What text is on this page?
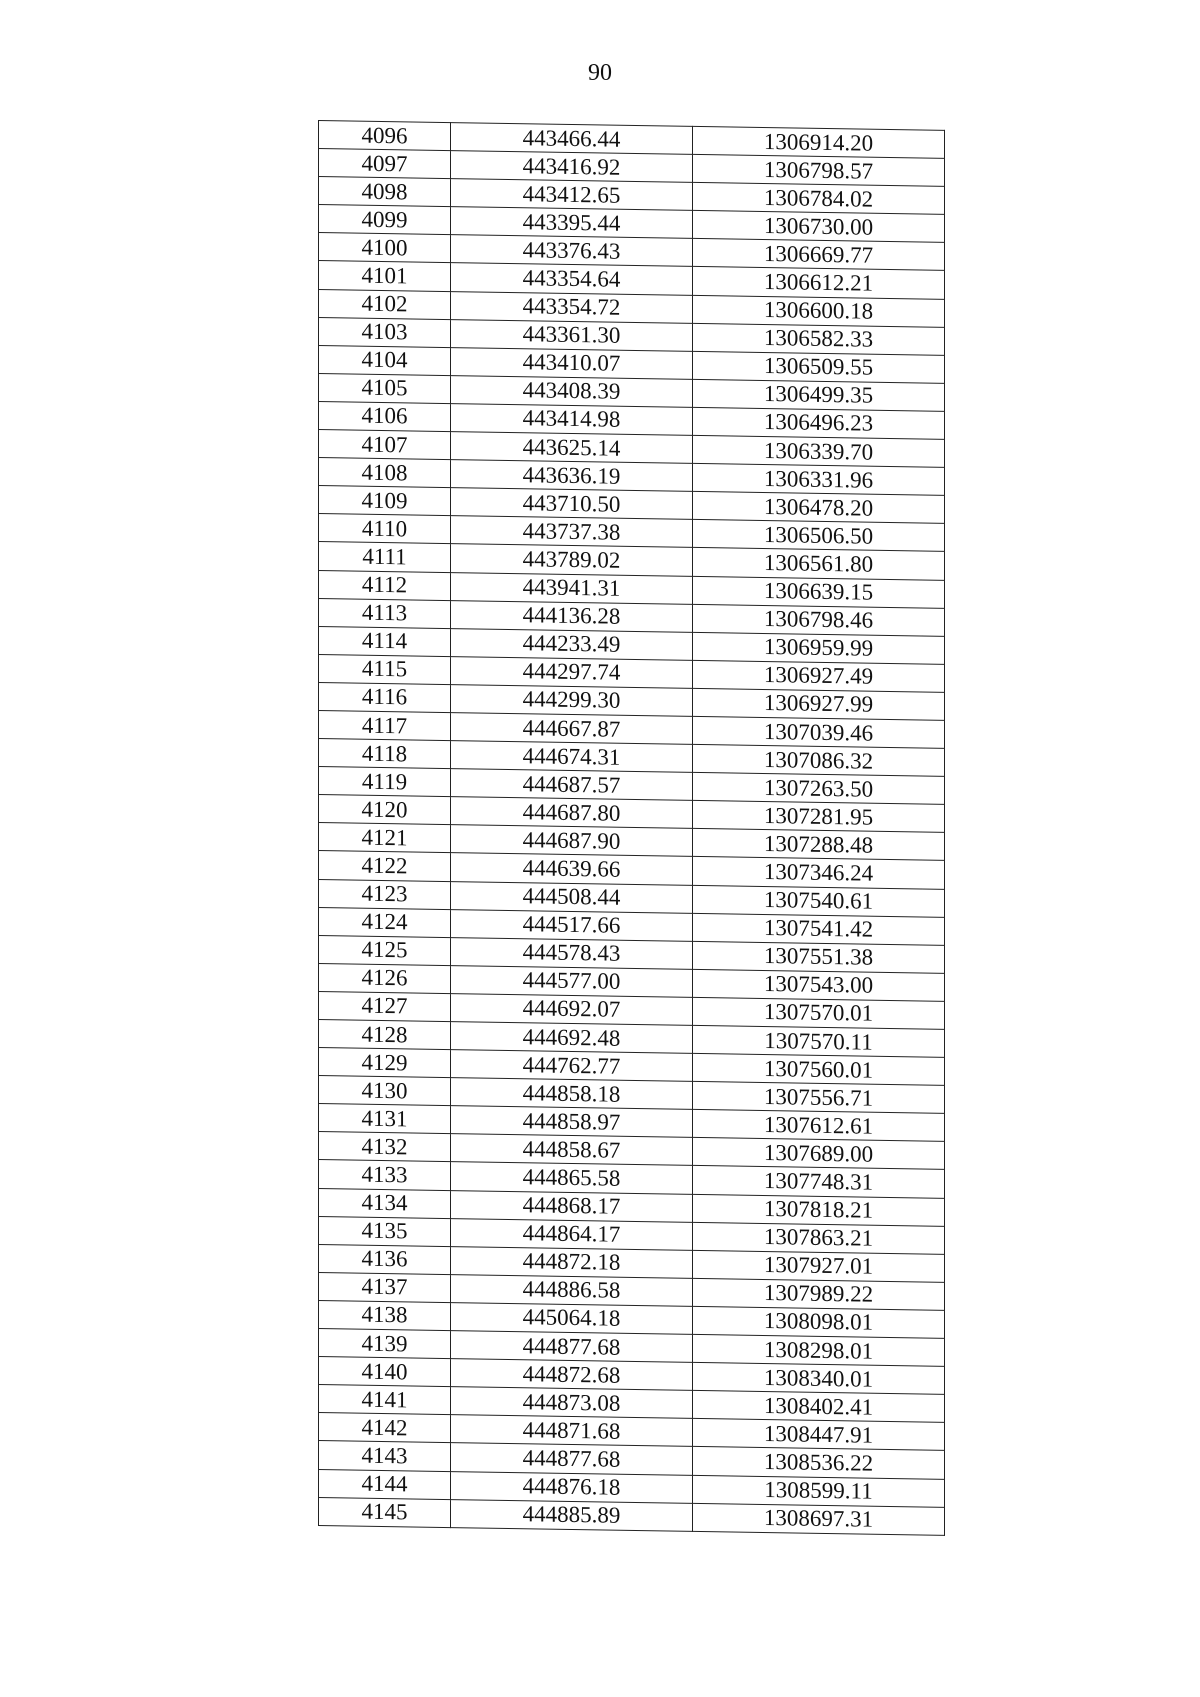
90
4096	443466.44	1306914.20
4097	443416.92	1306798.57
4098	443412.65	1306784.02
4099	443395.44	1306730.00
4100	443376.43	1306669.77
4101	443354.64	1306612.21
4102	443354.72	1306600.18
4103	443361.30	1306582.33
4104	443410.07	1306509.55
4105	443408.39	1306499.35
4106	443414.98	1306496.23
4107	443625.14	1306339.70
4108	443636.19	1306331.96
4109	443710.50	1306478.20
4110	443737.38	1306506.50
4111	443789.02	1306561.80
4112	443941.31	1306639.15
4113	444136.28	1306798.46
4114	444233.49	1306959.99
4115	444297.74	1306927.49
4116	444299.30	1306927.99
4117	444667.87	1307039.46
4118	444674.31	1307086.32
4119	444687.57	1307263.50
4120	444687.80	1307281.95
4121	444687.90	1307288.48
4122	444639.66	1307346.24
4123	444508.44	1307540.61
4124	444517.66	1307541.42
4125	444578.43	1307551.38
4126	444577.00	1307543.00
4127	444692.07	1307570.01
4128	444692.48	1307570.11
4129	444762.77	1307560.01
4130	444858.18	1307556.71
4131	444858.97	1307612.61
4132	444858.67	1307689.00
4133	444865.58	1307748.31
4134	444868.17	1307818.21
4135	444864.17	1307863.21
4136	444872.18	1307927.01
4137	444886.58	1307989.22
4138	445064.18	1308098.01
4139	444877.68	1308298.01
4140	444872.68	1308340.01
4141	444873.08	1308402.41
4142	444871.68	1308447.91
4143	444877.68	1308536.22
4144	444876.18	1308599.11
4145	444885.89	1308697.31
